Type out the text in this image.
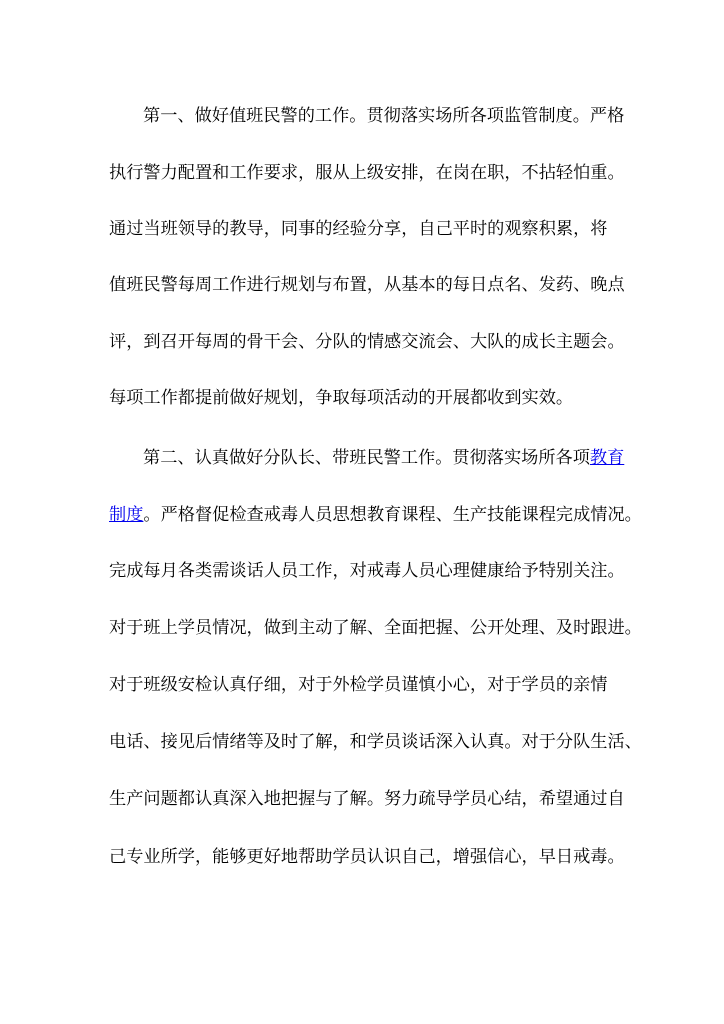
第一、做好值班民警的工作。贯彻落实场所各项监管制度。严格
执行警力配置和工作要求，服从上级安排，在岗在职，不拈轻怕重。
通过当班领导的教导，同事的经验分享，自己平时的观察积累，将
值班民警每周工作进行规划与布置，从基本的每日点名、发药、晚点
评，到召开每周的骨干会、分队的情感交流会、大队的成长主题会。
每项工作都提前做好规划，争取每项活动的开展都收到实效。
第二、认真做好分队长、带班民警工作。贯彻落实场所各项教育
制度。严格督促检查戒毒人员思想教育课程、生产技能课程完成情况。
完成每月各类需谈话人员工作，对戒毒人员心理健康给予特别关注。
对于班上学员情况，做到主动了解、全面把握、公开处理、及时跟进。
对于班级安检认真仔细，对于外检学员谨慎小心，对于学员的亲情
电话、接见后情绪等及时了解，和学员谈话深入认真。对于分队生活、
生产问题都认真深入地把握与了解。努力疏导学员心结，希望通过自
己专业所学，能够更好地帮助学员认识自己，增强信心，早日戒毒。
